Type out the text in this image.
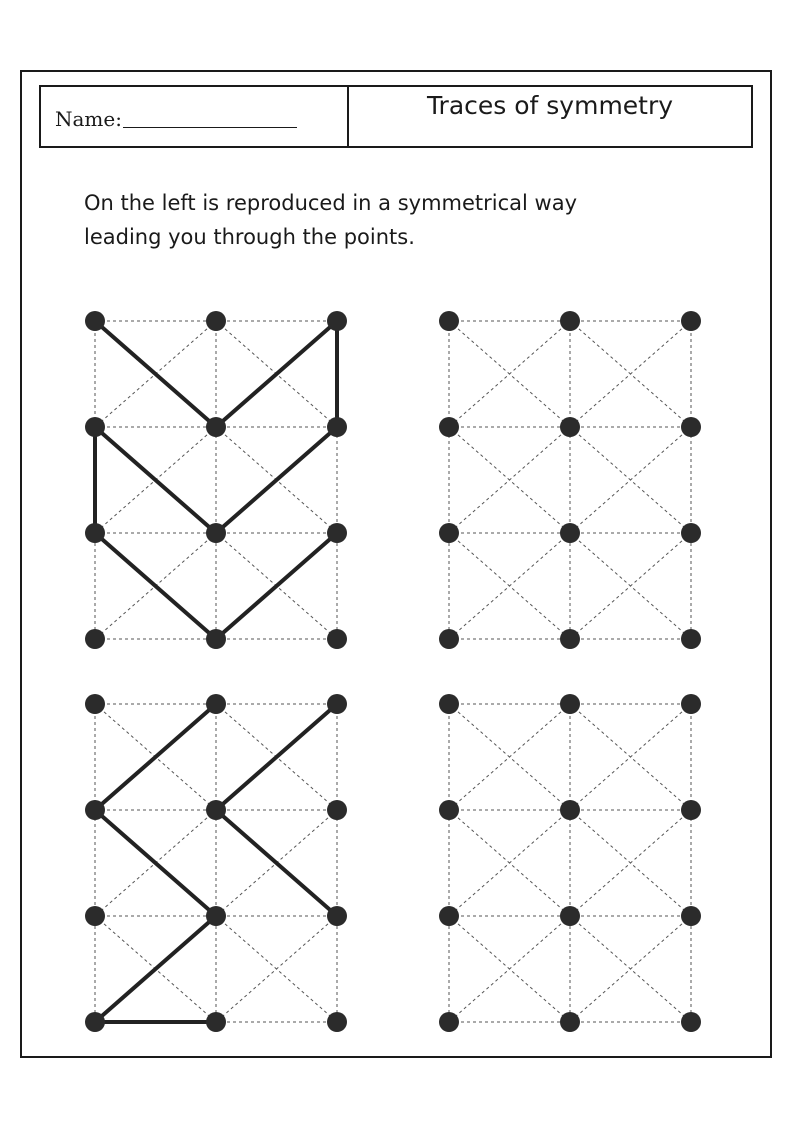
Name:	Traces of symmetry

On the left is reproduced in a symmetrical way
leading you through the points.
